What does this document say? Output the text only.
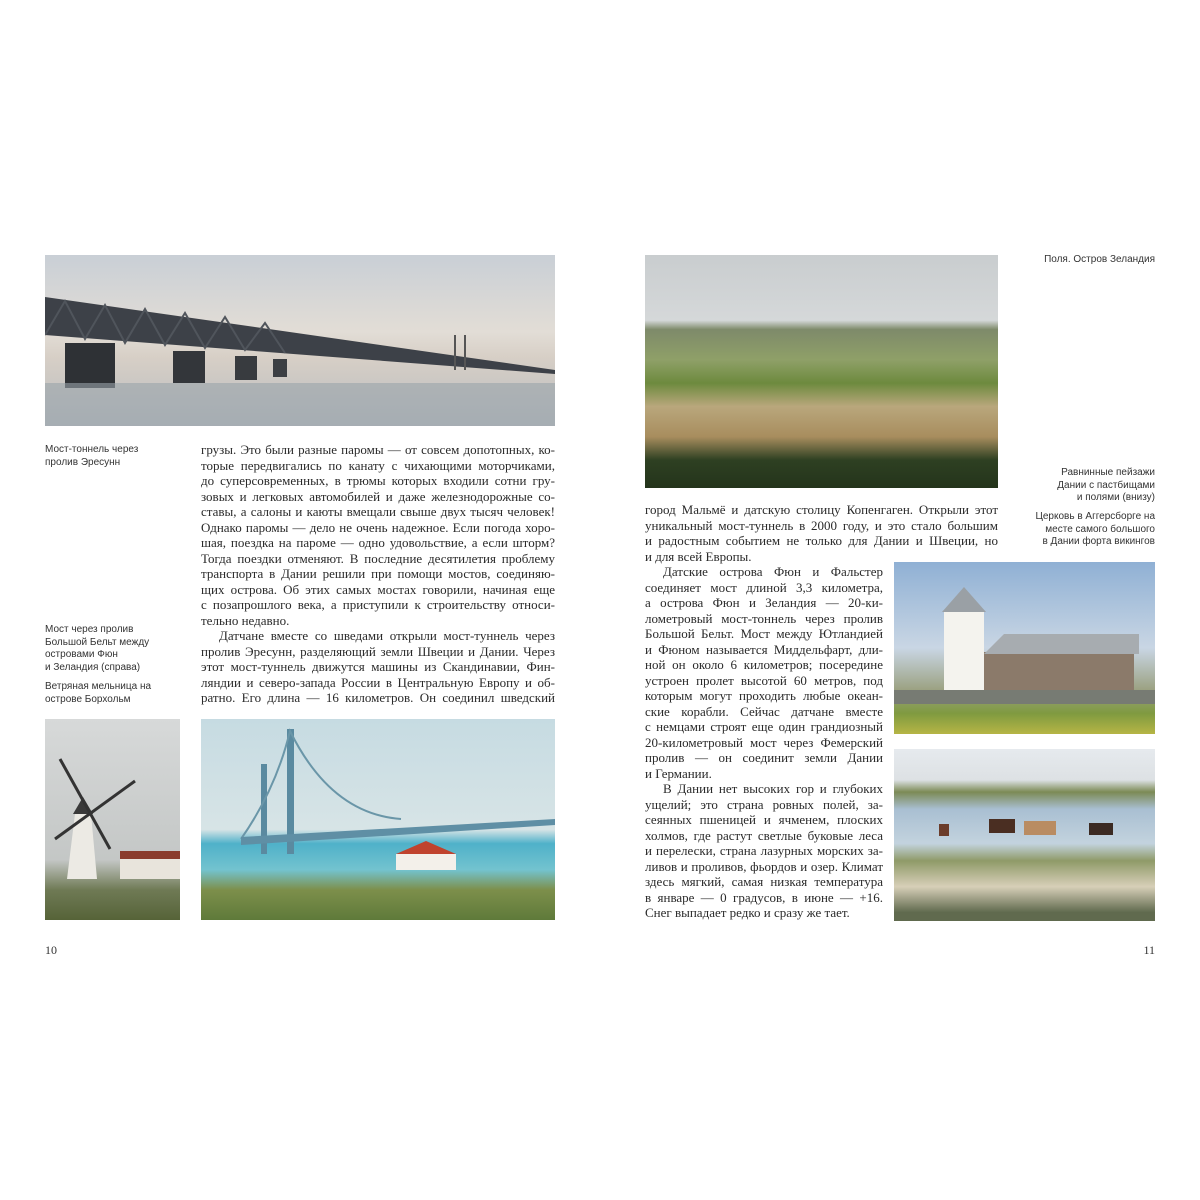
Мост-тоннель через
пролив Эресунн
Мост через пролив
Большой Бельт между
островами Фюн
и Зеландия (справа)
Ветряная мельница на
острове Борхольм
грузы. Это были разные паромы — от совсем допотопных, ко-
торые передвигались по канату с чихающими моторчиками,
до суперсовременных, в трюмы которых входили сотни гру-
зовых и легковых автомобилей и даже железнодорожные со-
ставы, а салоны и каюты вмещали свыше двух тысяч человек!
Однако паромы — дело не очень надежное. Если погода хоро-
шая, поездка на пароме — одно удовольствие, а если шторм?
Тогда поездки отменяют. В последние десятилетия проблему
транспорта в Дании решили при помощи мостов, соединяю-
щих острова. Об этих самых мостах говорили, начиная еще
с позапрошлого века, а приступили к строительству относи-
тельно недавно.
Датчане вместе со шведами открыли мост-туннель через
пролив Эресунн, разделяющий земли Швеции и Дании. Через
этот мост-туннель движутся машины из Скандинавии, Фин-
ляндии и северо-запада России в Центральную Европу и об-
ратно. Его длина — 16 километров. Он соединил шведский
10
Поля. Остров Зеландия
Равнинные пейзажи
Дании с пастбищами
и полями (внизу)
Церковь в Аггерсборге на
месте самого большого
в Дании форта викингов
город Мальмё и датскую столицу Копенгаген. Открыли этот
уникальный мост-туннель в 2000 году, и это стало большим
и радостным событием не только для Дании и Швеции, но
и для всей Европы.
Датские острова Фюн и Фальстер
соединяет мост длиной 3,3 километра,
а острова Фюн и Зеландия — 20-ки-
лометровый мост-тоннель через пролив
Большой Бельт. Мост между Ютландией
и Фюном называется Миддельфарт, дли-
ной он около 6 километров; посередине
устроен пролет высотой 60 метров, под
которым могут проходить любые океан-
ские корабли. Сейчас датчане вместе
с немцами строят еще один грандиозный
20-километровый мост через Фемерский
пролив — он соединит земли Дании
и Германии.
В Дании нет высоких гор и глубоких
ущелий; это страна ровных полей, за-
сеянных пшеницей и ячменем, плоских
холмов, где растут светлые буковые леса
и перелески, страна лазурных морских за-
ливов и проливов, фьордов и озер. Климат
здесь мягкий, самая низкая температура
в январе — 0 градусов, в июне — +16.
Снег выпадает редко и сразу же тает.
11
